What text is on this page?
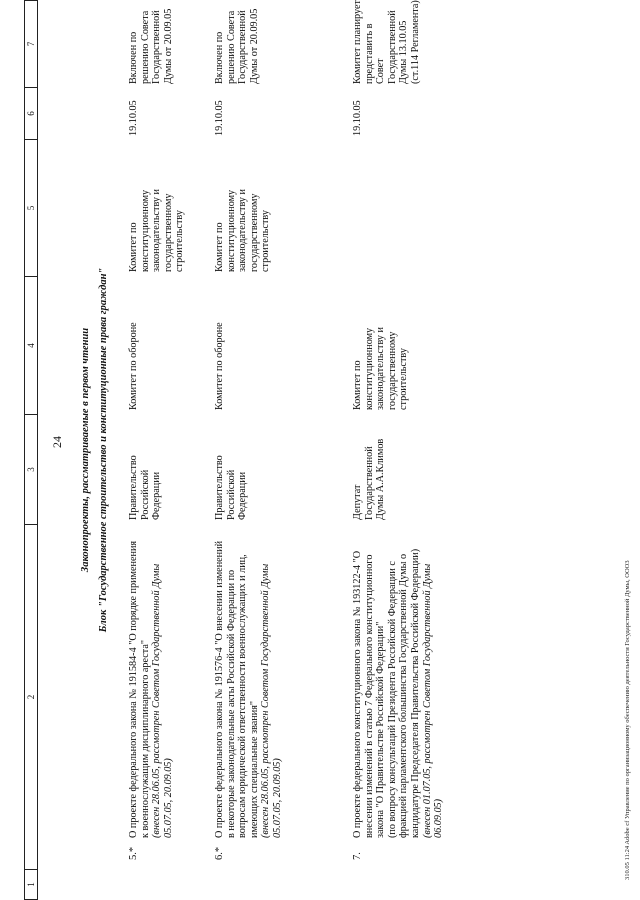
24
1
2
3
4
5
6
7
Законопроекты, рассматриваемые в первом чтении Блок "Государственное строительство и конституционные права граждан"
5.*
О проекте федерального закона № 191584-4 "О порядке применения к военнослужащим дисциплинарного ареста"
(внесен 28.06.05, рассмотрен Советом Государственной Думы 05.07.05, 20.09.05)
Правительство Российской Федерации
Комитет по обороне
Комитет по конституционному законодательству и государственному строительству
19.10.05
Включен по решению Совета Государственной Думы от 20.09.05
6.*
О проекте федерального закона № 191576-4 "О внесении изменений в некоторые законодательные акты Российской Федерации по вопросам юридической ответственности военнослужащих и лиц, имеющих специальные звания"
(внесен 28.06.05, рассмотрен Советом Государственной Думы 05.07.05, 20.09.05)
Правительство Российской Федерации
Комитет по обороне
Комитет по конституционному законодательству и государственному строительству
19.10.05
Включен по решению Совета Государственной Думы от 20.09.05
7.
О проекте федерального конституционного закона № 193122-4 "О внесении изменений в статью 7 Федерального конституционного закона "О Правительстве Российской Федерации"
(по вопросу консультаций Президента Российской Федерации с фракцией парламентского большинства Государственной Думы о кандидатуре Председателя Правительства Российской Федерации)
(внесен 01.07.05, рассмотрен Советом Государственной Думы 06.09.05)
Депутат Государственной Думы А.А.Климов
Комитет по конституционному законодательству и государственному строительству
19.10.05
Комитет планирует представить в Совет Государственной Думы 13.10.05 (ст.114 Регламента)
310.05 11:24 Adobe cf Управление по организационному обеспечению деятельности Государственной Думы, ООО3
